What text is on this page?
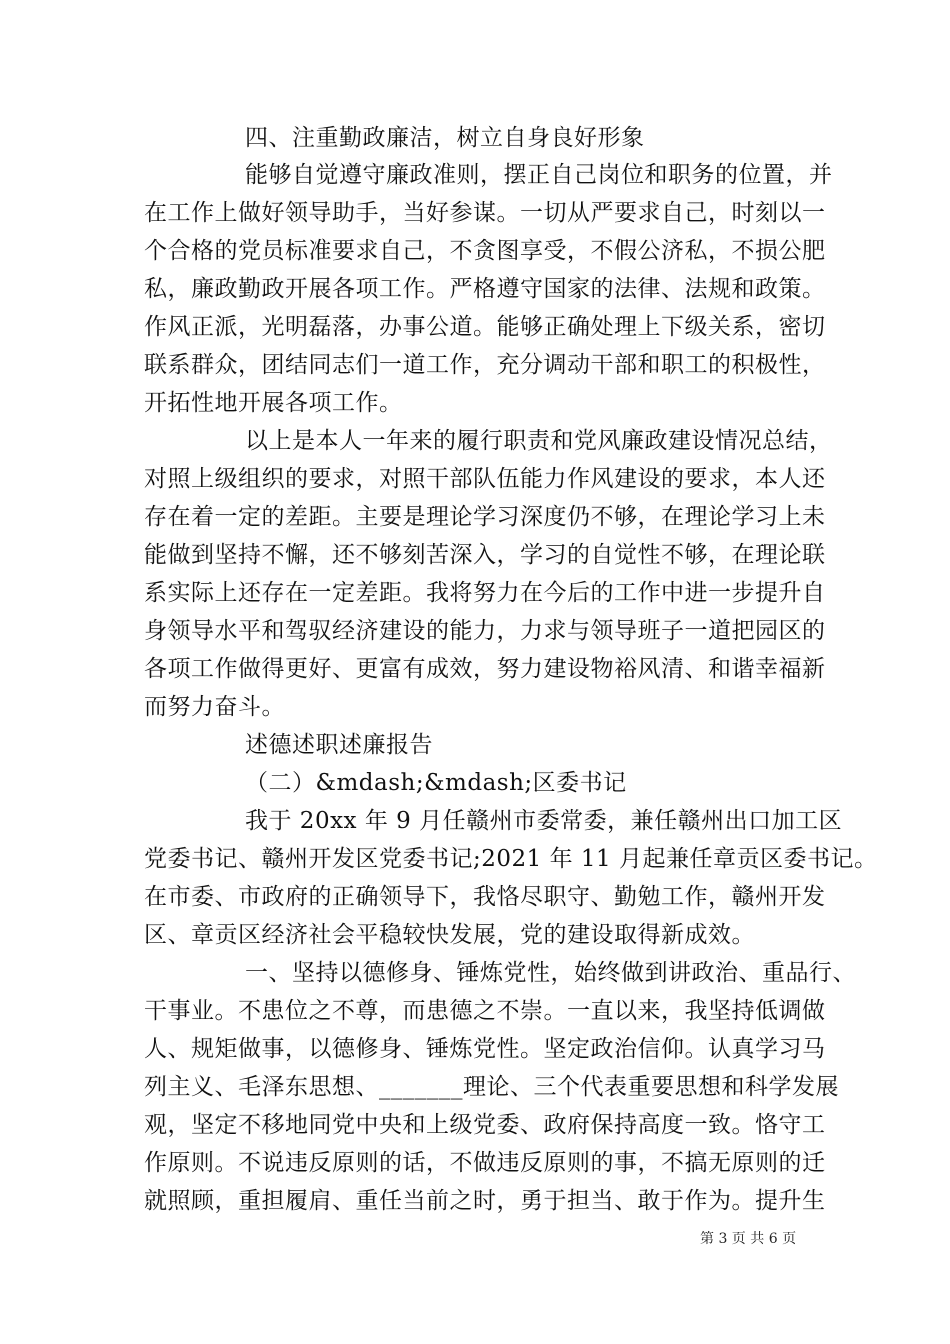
四、注重勤政廉洁，树立自身良好形象
能够自觉遵守廉政准则，摆正自己岗位和职务的位置，并
在工作上做好领导助手，当好参谋。一切从严要求自己，时刻以一
个合格的党员标准要求自己，不贪图享受，不假公济私，不损公肥
私，廉政勤政开展各项工作。严格遵守国家的法律、法规和政策。
作风正派，光明磊落，办事公道。能够正确处理上下级关系，密切
联系群众，团结同志们一道工作，充分调动干部和职工的积极性，
开拓性地开展各项工作。
以上是本人一年来的履行职责和党风廉政建设情况总结，
对照上级组织的要求，对照干部队伍能力作风建设的要求，本人还
存在着一定的差距。主要是理论学习深度仍不够，在理论学习上未
能做到坚持不懈，还不够刻苦深入，学习的自觉性不够，在理论联
系实际上还存在一定差距。我将努力在今后的工作中进一步提升自
身领导水平和驾驭经济建设的能力，力求与领导班子一道把园区的
各项工作做得更好、更富有成效，努力建设物裕风清、和谐幸福新
而努力奋斗。
述德述职述廉报告
（二）&mdash;&mdash;区委书记
我于 20xx 年 9 月任赣州市委常委，兼任赣州出口加工区
党委书记、赣州开发区党委书记;2021 年 11 月起兼任章贡区委书记。
在市委、市政府的正确领导下，我恪尽职守、勤勉工作，赣州开发
区、章贡区经济社会平稳较快发展，党的建设取得新成效。
一、坚持以德修身、锤炼党性，始终做到讲政治、重品行、
干事业。不患位之不尊，而患德之不崇。一直以来，我坚持低调做
人、规矩做事，以德修身、锤炼党性。坚定政治信仰。认真学习马
列主义、毛泽东思想、_______理论、三个代表重要思想和科学发展
观，坚定不移地同党中央和上级党委、政府保持高度一致。恪守工
作原则。不说违反原则的话，不做违反原则的事，不搞无原则的迁
就照顾，重担履肩、重任当前之时，勇于担当、敢于作为。提升生
第 3 页 共 6 页
